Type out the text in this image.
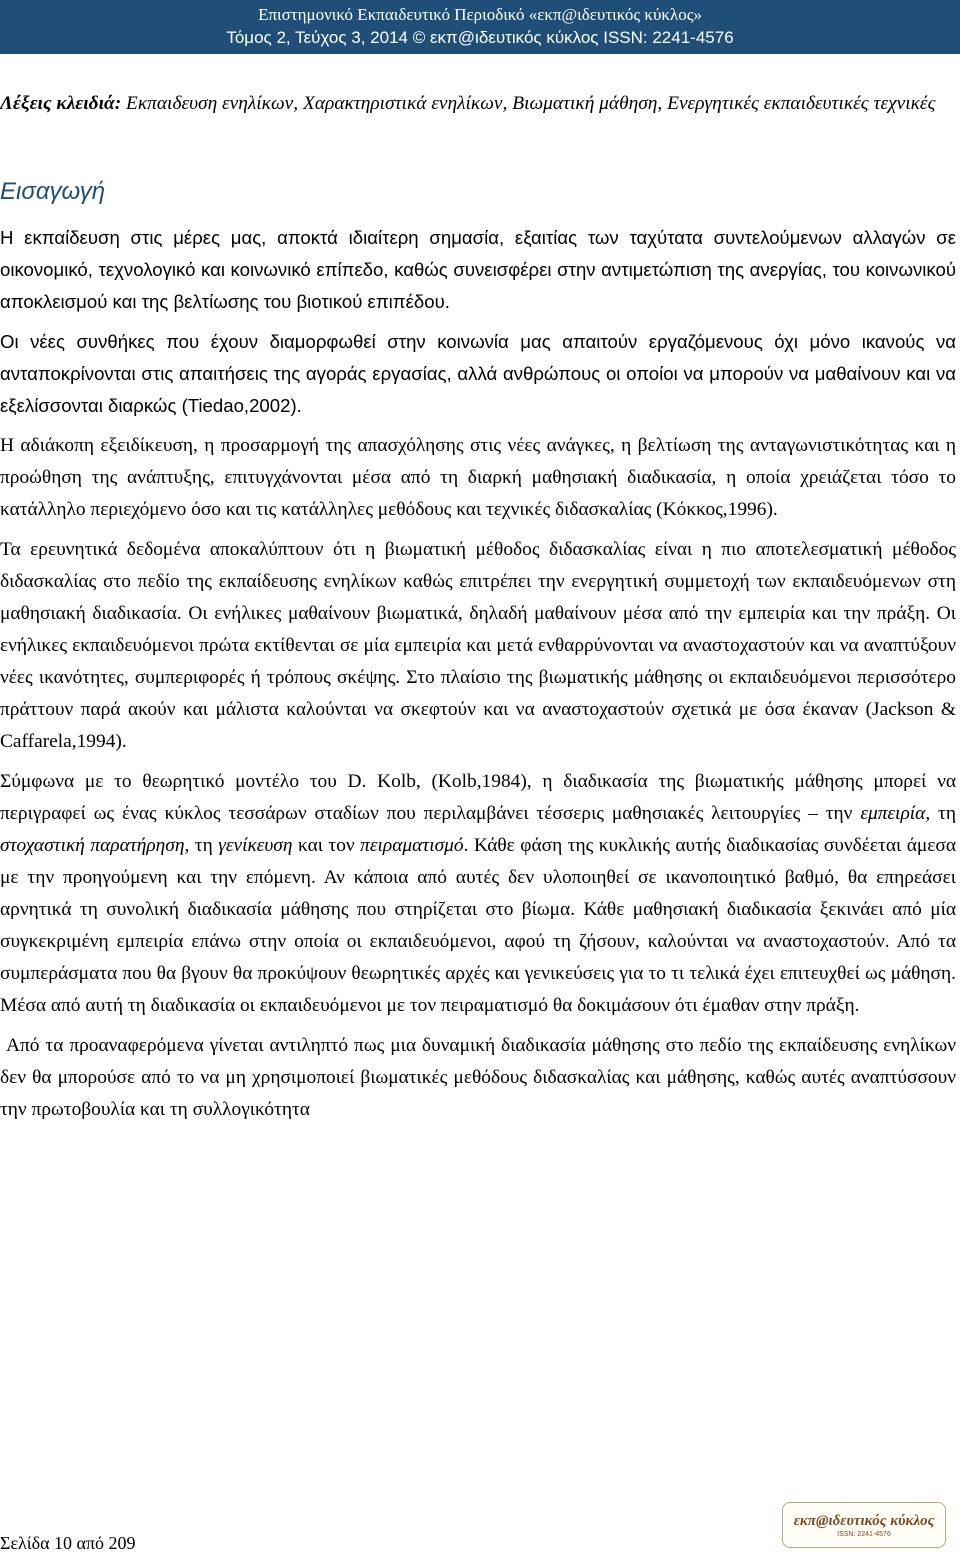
Επιστημονικό Εκπαιδευτικό Περιοδικό «εκπ@ιδευτικός κύκλος»
Τόμος 2, Τεύχος 3, 2014 © εκπ@ιδευτικός κύκλος ISSN: 2241-4576

Λέξεις κλειδιά: Εκπαιδευση ενηλίκων, Χαρακτηριστικά ενηλίκων, Βιωματική μάθηση, Ενεργητικές εκπαιδευτικές τεχνικές

Εισαγωγή

Η εκπαίδευση στις μέρες μας, αποκτά ιδιαίτερη σημασία, εξαιτίας των ταχύτατα συντελούμενων αλλαγών σε οικονομικό, τεχνολογικό και κοινωνικό επίπεδο, καθώς συνεισφέρει στην αντιμετώπιση της ανεργίας, του κοινωνικού αποκλεισμού και της βελτίωσης του βιοτικού επιπέδου.

Οι νέες συνθήκες που έχουν διαμορφωθεί στην κοινωνία μας απαιτούν εργαζόμενους όχι μόνο ικανούς να ανταποκρίνονται στις απαιτήσεις της αγοράς εργασίας, αλλά ανθρώπους οι οποίοι να μπορούν να μαθαίνουν και να εξελίσσονται διαρκώς (Tiedao,2002).

Η αδιάκοπη εξειδίκευση, η προσαρμογή της απασχόλησης στις νέες ανάγκες, η βελτίωση της ανταγωνιστικότητας και η προώθηση της ανάπτυξης, επιτυγχάνονται μέσα από τη διαρκή μαθησιακή διαδικασία, η οποία χρειάζεται τόσο το κατάλληλο περιεχόμενο όσο και τις κατάλληλες μεθόδους και τεχνικές διδασκαλίας (Κόκκος,1996).

Τα ερευνητικά δεδομένα αποκαλύπτουν ότι η βιωματική μέθοδος διδασκαλίας είναι η πιο αποτελεσματική μέθοδος διδασκαλίας στο πεδίο της εκπαίδευσης ενηλίκων καθώς επιτρέπει την ενεργητική συμμετοχή των εκπαιδευόμενων στη μαθησιακή διαδικασία. Οι ενήλικες μαθαίνουν βιωματικά, δηλαδή μαθαίνουν μέσα από την εμπειρία και την πράξη. Οι ενήλικες εκπαιδευόμενοι πρώτα εκτίθενται σε μία εμπειρία και μετά ενθαρρύνονται να αναστοχαστούν και να αναπτύξουν νέες ικανότητες, συμπεριφορές ή τρόπους σκέψης. Στο πλαίσιο της βιωματικής μάθησης οι εκπαιδευόμενοι περισσότερο πράττουν παρά ακούν και μάλιστα καλούνται να σκεφτούν και να αναστοχαστούν σχετικά με όσα έκαναν (Jackson & Caffarela,1994).

Σύμφωνα με το θεωρητικό μοντέλο του D. Kolb, (Kolb,1984), η διαδικασία της βιωματικής μάθησης μπορεί να περιγραφεί ως ένας κύκλος τεσσάρων σταδίων που περιλαμβάνει τέσσερις μαθησιακές λειτουργίες – την εμπειρία, τη στοχαστική παρατήρηση, τη γενίκευση και τον πειραματισμό. Κάθε φάση της κυκλικής αυτής διαδικασίας συνδέεται άμεσα με την προηγούμενη και την επόμενη. Αν κάποια από αυτές δεν υλοποιηθεί σε ικανοποιητικό βαθμό, θα επηρεάσει αρνητικά τη συνολική διαδικασία μάθησης που στηρίζεται στο βίωμα. Κάθε μαθησιακή διαδικασία ξεκινάει από μία συγκεκριμένη εμπειρία επάνω στην οποία οι εκπαιδευόμενοι, αφού τη ζήσουν, καλούνται να αναστοχαστούν. Από τα συμπεράσματα που θα βγουν θα προκύψουν θεωρητικές αρχές και γενικεύσεις για το τι τελικά έχει επιτευχθεί ως μάθηση. Μέσα από αυτή τη διαδικασία οι εκπαιδευόμενοι με τον πειραματισμό θα δοκιμάσουν ότι έμαθαν στην πράξη.

Από τα προαναφερόμενα γίνεται αντιληπτό πως μια δυναμική διαδικασία μάθησης στο πεδίο της εκπαίδευσης ενηλίκων δεν θα μπορούσε από το να μη χρησιμοποιεί βιωματικές μεθόδους διδασκαλίας και μάθησης, καθώς αυτές αναπτύσσουν την πρωτοβουλία και τη συλλογικότητα

Σελίδα 10 από 209
εκπ@ιδευτικός κύκλος
ISSN: 2241-4576
